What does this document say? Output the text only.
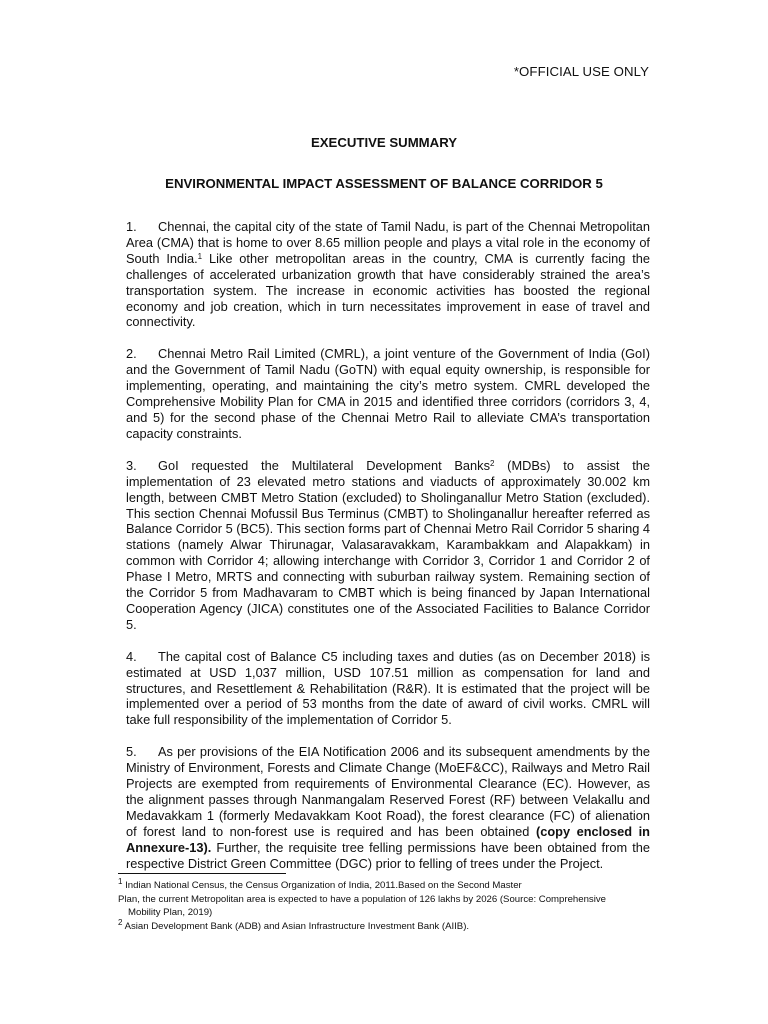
*OFFICIAL USE ONLY
EXECUTIVE SUMMARY
ENVIRONMENTAL IMPACT ASSESSMENT OF BALANCE CORRIDOR 5

1. Chennai, the capital city of the state of Tamil Nadu, is part of the Chennai Metropolitan Area (CMA) that is home to over 8.65 million people and plays a vital role in the economy of South India.$^1$ Like other metropolitan areas in the country, CMA is currently facing the challenges of accelerated urbanization growth that have considerably strained the area’s transportation system. The increase in economic activities has boosted the regional economy and job creation, which in turn necessitates improvement in ease of travel and connectivity.

2. Chennai Metro Rail Limited (CMRL), a joint venture of the Government of India (GoI) and the Government of Tamil Nadu (GoTN) with equal equity ownership, is responsible for implementing, operating, and maintaining the city’s metro system. CMRL developed the Comprehensive Mobility Plan for CMA in 2015 and identified three corridors (corridors 3, 4, and 5) for the second phase of the Chennai Metro Rail to alleviate CMA’s transportation capacity constraints.

3. GoI requested the Multilateral Development Banks$^2$ (MDBs) to assist the implementation of 23 elevated metro stations and viaducts of approximately 30.002 km length, between CMBT Metro Station (excluded) to Sholinganallur Metro Station (excluded). This section Chennai Mofussil Bus Terminus (CMBT) to Sholinganallur hereafter referred as Balance Corridor 5 (BC5). This section forms part of Chennai Metro Rail Corridor 5 sharing 4 stations (namely Alwar Thirunagar, Valasaravakkam, Karambakkam and Alapakkam) in common with Corridor 4; allowing interchange with Corridor 3, Corridor 1 and Corridor 2 of Phase I Metro, MRTS and connecting with suburban railway system. Remaining section of the Corridor 5 from Madhavaram to CMBT which is being financed by Japan International Cooperation Agency (JICA) constitutes one of the Associated Facilities to Balance Corridor 5.

4. The capital cost of Balance C5 including taxes and duties (as on December 2018) is estimated at USD 1,037 million, USD 107.51 million as compensation for land and structures, and Resettlement & Rehabilitation (R&R). It is estimated that the project will be implemented over a period of 53 months from the date of award of civil works. CMRL will take full responsibility of the implementation of Corridor 5.

5. As per provisions of the EIA Notification 2006 and its subsequent amendments by the Ministry of Environment, Forests and Climate Change (MoEF&CC), Railways and Metro Rail Projects are exempted from requirements of Environmental Clearance (EC). However, as the alignment passes through Nanmangalam Reserved Forest (RF) between Velakallu and Medavakkam 1 (formerly Medavakkam Koot Road), the forest clearance (FC) of alienation of forest land to non-forest use is required and has been obtained (copy enclosed in Annexure-13). Further, the requisite tree felling permissions have been obtained from the respective District Green Committee (DGC) prior to felling of trees under the Project.

$^1$ Indian National Census, the Census Organization of India, 2011.Based on the Second Master
Plan, the current Metropolitan area is expected to have a population of 126 lakhs by 2026 (Source: Comprehensive
Mobility Plan, 2019)
$^2$ Asian Development Bank (ADB) and Asian Infrastructure Investment Bank (AIIB).
